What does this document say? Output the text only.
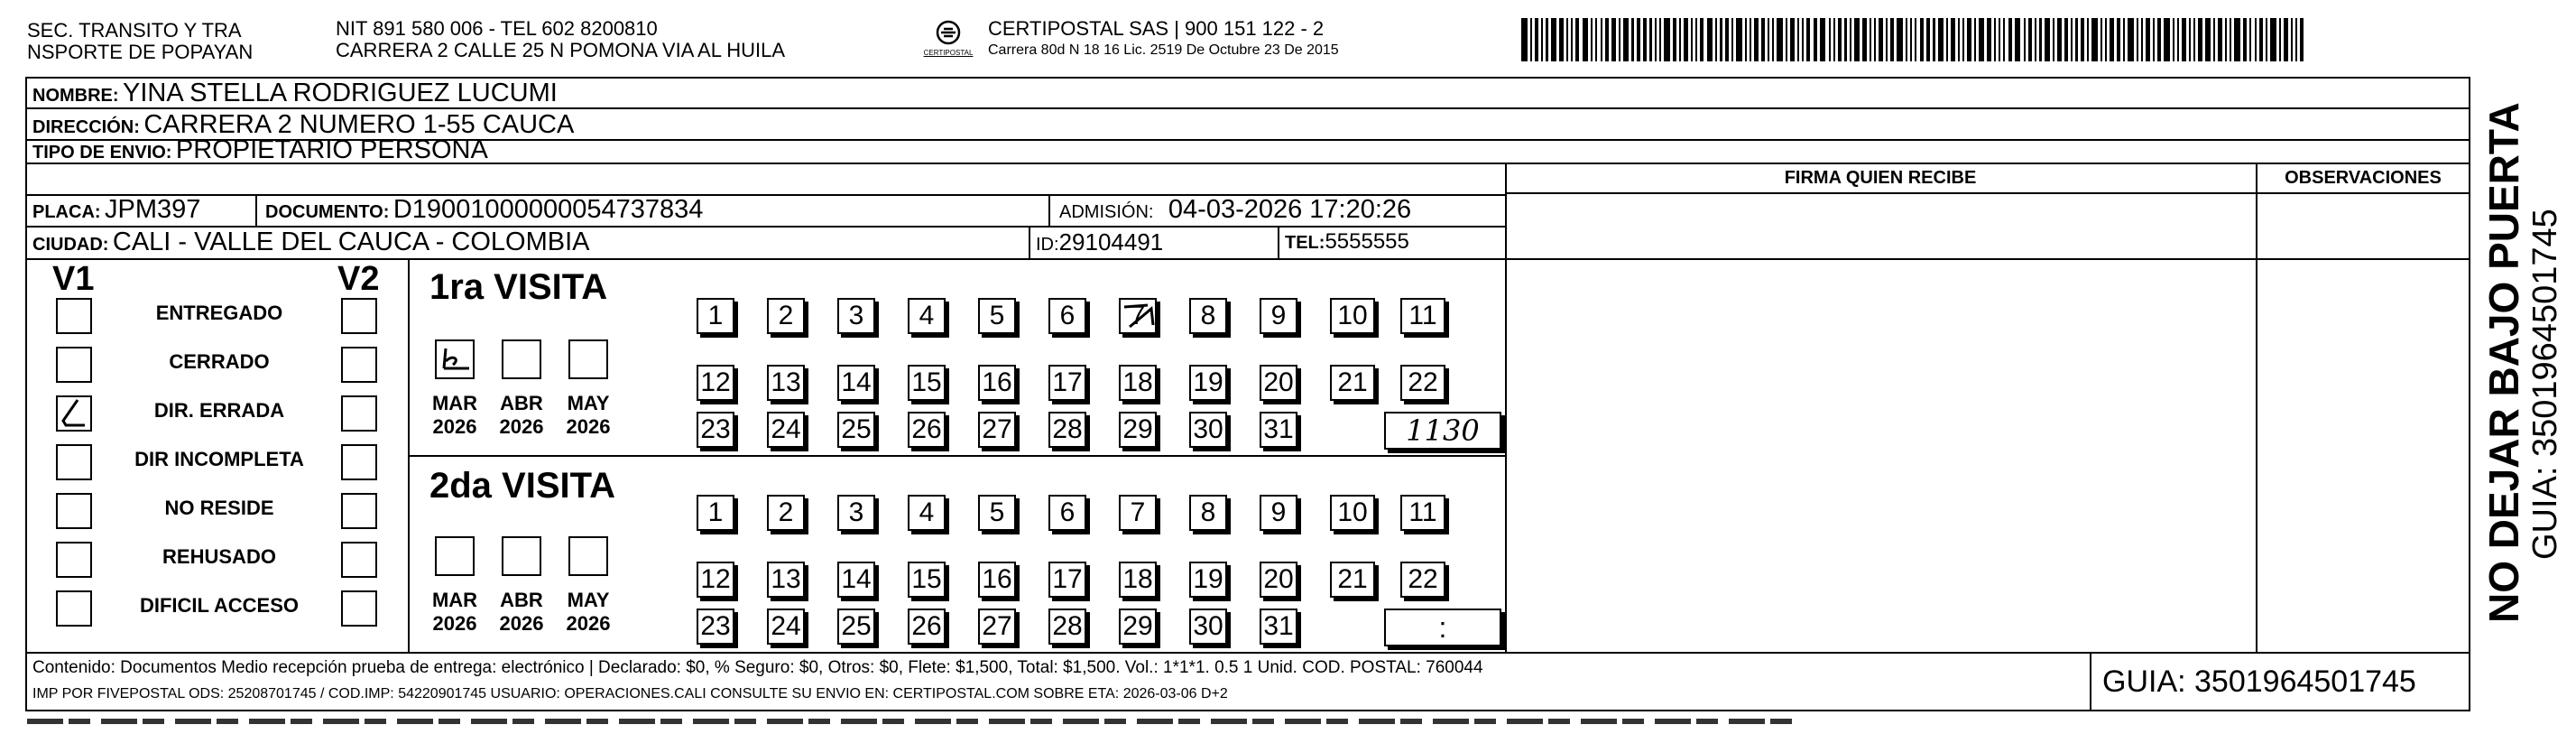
SEC. TRANSITO Y TRA
NSPORTE DE POPAYAN
NIT 891 580 006 - TEL 602 8200810
CARRERA 2 CALLE 25 N POMONA VIA AL HUILA	CERTIPOSTAL
CERTIPOSTAL SAS | 900 151 122 - 2
Carrera 80d N 18 16 Lic. 2519 De Octubre 23 De 2015
NOMBRE: YINA STELLA RODRIGUEZ LUCUMI
DIRECCIÓN: CARRERA 2 NUMERO 1-55 CAUCA
TIPO DE ENVIO: PROPIETARIO PERSONA
PLACA: JPM397	DOCUMENTO: D19001000000054737834	ADMISIÓN: 04-03-2026 17:20:26
CIUDAD: CALI - VALLE DEL CAUCA - COLOMBIA	ID:29104491	TEL:5555555
FIRMA QUIEN RECIBE	OBSERVACIONES
V1	V2
ENTREGADO
CERRADO
DIR. ERRADA
DIR INCOMPLETA
NO RESIDE
REHUSADO
DIFICIL ACCESO
1ra VISITA
2da VISITA
MAR
2026
ABR
2026
MAY
2026
1	2	3	4	5	6	7	8	9	10	11
12 13 14 15 16 17 18 19 20 21 22
23 24 25 26 27 28 29 30 31	1130
MAR
2026
ABR
2026
MAY
2026
1	2	3	4	5	6	7	8	9	10	11
12 13 14 15 16 17 18 19 20 21 22
23 24 25 26 27 28 29 30 31	:
Contenido: Documentos Medio recepción prueba de entrega: electrónico | Declarado: $0, % Seguro: $0, Otros: $0, Flete: $1,500, Total: $1,500. Vol.: 1*1*1. 0.5 1 Unid. COD. POSTAL: 760044
IMP POR FIVEPOSTAL ODS: 25208701745 / COD.IMP: 54220901745 USUARIO: OPERACIONES.CALI CONSULTE SU ENVIO EN: CERTIPOSTAL.COM SOBRE ETA: 2026-03-06 D+2	GUIA: 3501964501745
NO DEJAR BAJO PUERTA GUIA: 3501964501745
